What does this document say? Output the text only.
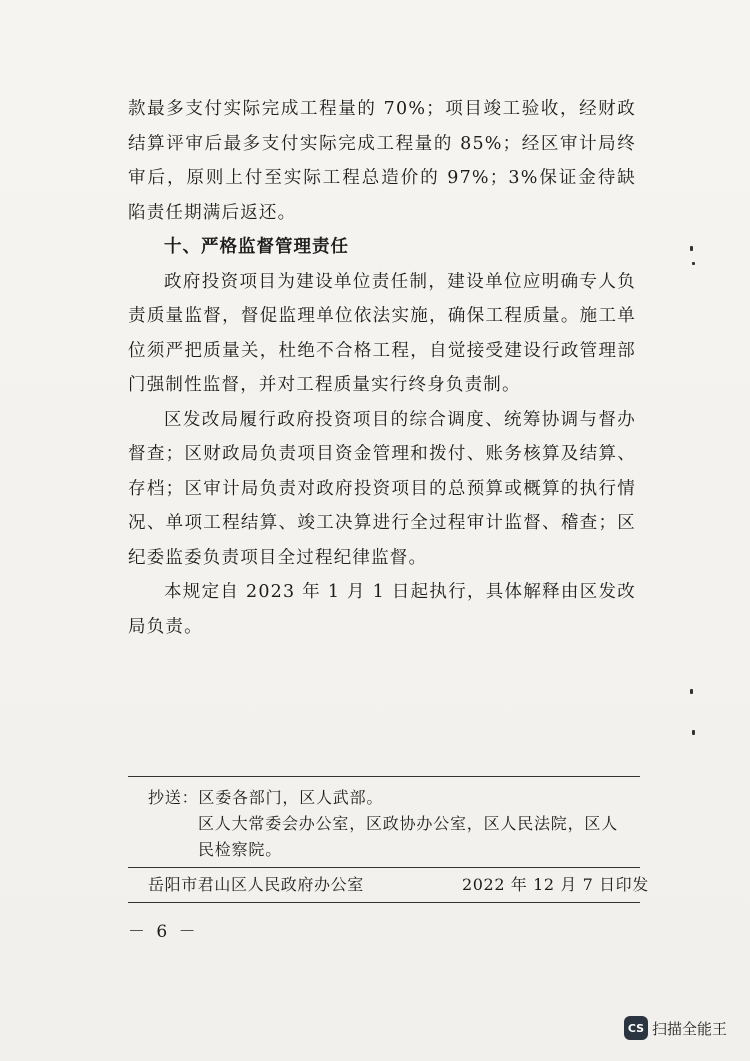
款最多支付实际完成工程量的 70%；项目竣工验收，经财政结算评审后最多支付实际完成工程量的 85%；经区审计局终审后，原则上付至实际工程总造价的 97%；3%保证金待缺陷责任期满后返还。

十、严格监督管理责任

政府投资项目为建设单位责任制，建设单位应明确专人负责质量监督，督促监理单位依法实施，确保工程质量。施工单位须严把质量关，杜绝不合格工程，自觉接受建设行政管理部门强制性监督，并对工程质量实行终身负责制。

区发改局履行政府投资项目的综合调度、统筹协调与督办督查；区财政局负责项目资金管理和拨付、账务核算及结算、存档；区审计局负责对政府投资项目的总预算或概算的执行情况、单项工程结算、竣工决算进行全过程审计监督、稽查；区纪委监委负责项目全过程纪律监督。

本规定自 2023 年 1 月 1 日起执行，具体解释由区发改局负责。

抄送：区委各部门，区人武部。
区人大常委会办公室，区政协办公室，区人民法院，区人民检察院。
岳阳市君山区人民政府办公室	2022 年 12 月 7 日印发
－ 6 －
CS 扫描全能王
